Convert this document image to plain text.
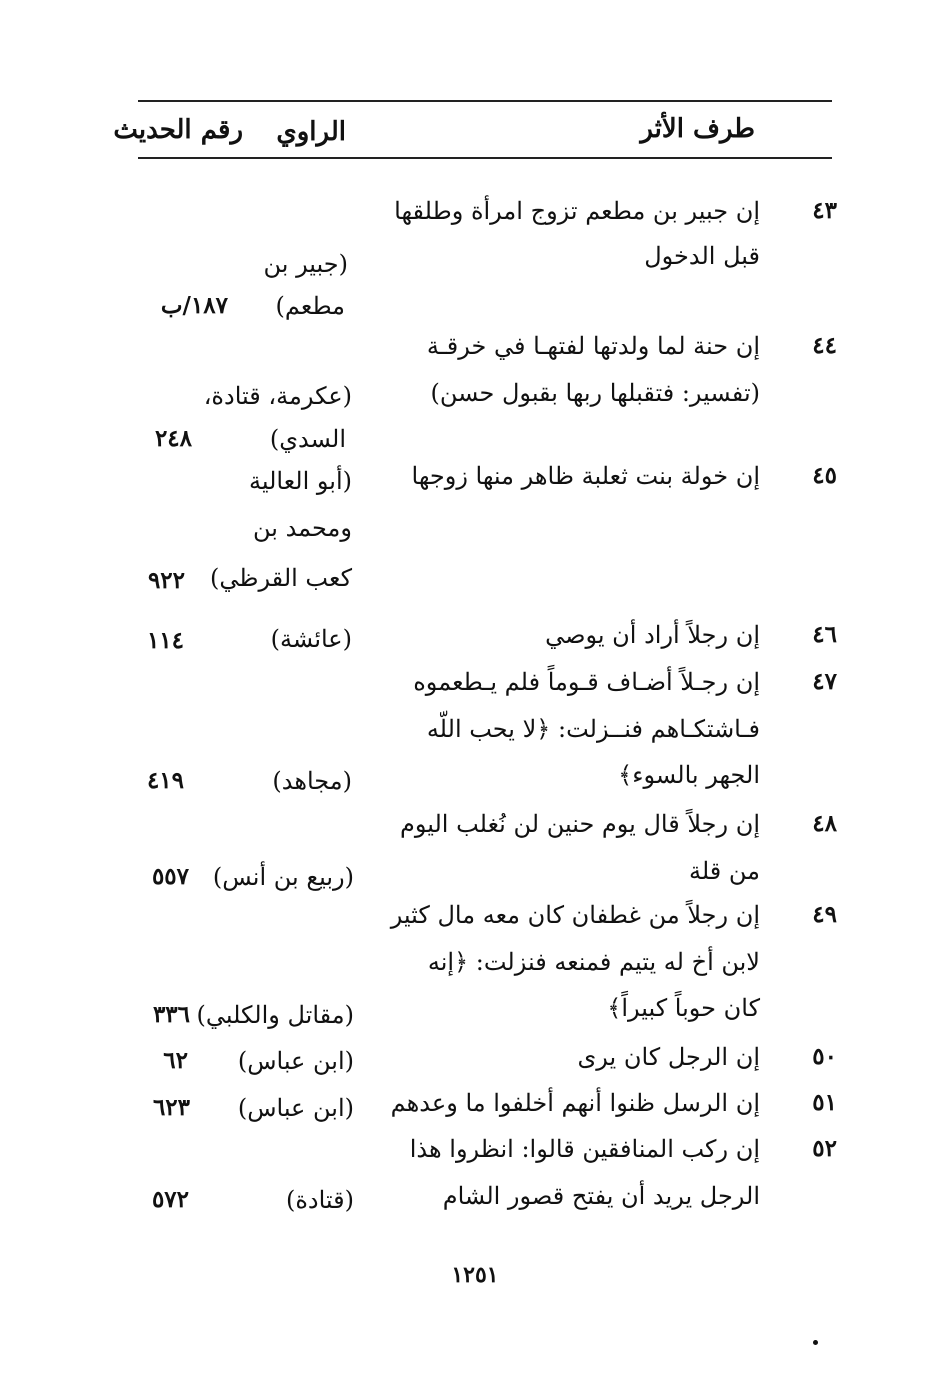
طرف الأثر
الراوي
رقم الحديث
٤٣
إن جبير بن مطعم تزوج امرأة وطلقها
قبل الدخول
(جبير بن
مطعم)
١٨٧/ب
٤٤
إن حنة لما ولدتها لفتهـا في خرقـة
(تفسير: فتقبلها ربها بقبول حسن)
(عكرمة، قتادة،
السدي)
٢٤٨
٤٥
إن خولة بنت ثعلبة ظاهر منها زوجها
(أبو العالية
ومحمد بن
كعب القرظي)
٩٢٢
٤٦
إن رجلاً أراد أن يوصي
(عائشة)
١١٤
٤٧
إن رجـلاً أضـاف قـوماً فلم يـطعموه
فـاشتكـاهم فنــزلت: ﴿لا يحب اللّه
الجهر بالسوء﴾
(مجاهد)
٤١٩
٤٨
إن رجلاً قال يوم حنين لن نُغلب اليوم
من قلة
(ربيع بن أنس)
٥٥٧
٤٩
إن رجلاً من غطفان كان معه مال كثير
لابن أخ له يتيم فمنعه فنزلت: ﴿إنه
كان حوباً كبيراً﴾
(مقاتل والكلبي)
٣٣٦
٥٠
إن الرجل كان يرى
(ابن عباس)
٦٢
٥١
إن الرسل ظنوا أنهم أخلفوا ما وعدهم
(ابن عباس)
٦٢٣
٥٢
إن ركب المنافقين قالوا: انظروا هذا
الرجل يريد أن يفتح قصور الشام
(قتادة)
٥٧٢
١٢٥١
